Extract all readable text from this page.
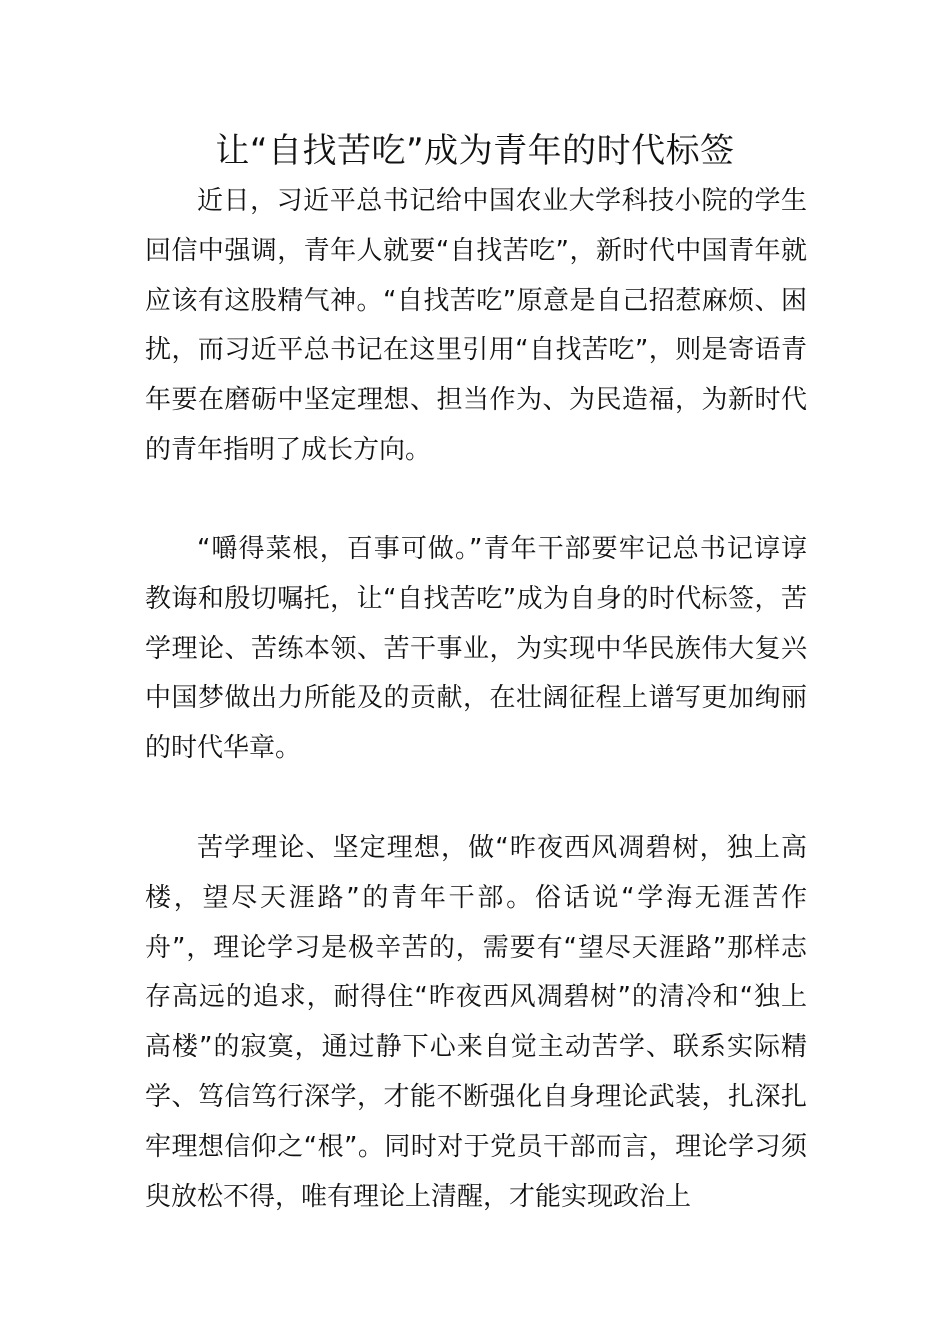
让“自找苦吃”成为青年的时代标签

近日，习近平总书记给中国农业大学科技小院的学生回信中强调，青年人就要“自找苦吃”，新时代中国青年就应该有这股精气神。“自找苦吃”原意是自己招惹麻烦、困扰，而习近平总书记在这里引用“自找苦吃”，则是寄语青年要在磨砺中坚定理想、担当作为、为民造福，为新时代的青年指明了成长方向。

“嚼得菜根，百事可做。”青年干部要牢记总书记谆谆教诲和殷切嘱托，让“自找苦吃”成为自身的时代标签，苦学理论、苦练本领、苦干事业，为实现中华民族伟大复兴中国梦做出力所能及的贡献，在壮阔征程上谱写更加绚丽的时代华章。

苦学理论、坚定理想，做“昨夜西风凋碧树，独上高楼，望尽天涯路”的青年干部。俗话说“学海无涯苦作舟”，理论学习是极辛苦的，需要有“望尽天涯路”那样志存高远的追求，耐得住“昨夜西风凋碧树”的清冷和“独上高楼”的寂寞，通过静下心来自觉主动苦学、联系实际精学、笃信笃行深学，才能不断强化自身理论武装，扎深扎牢理想信仰之“根”。同时对于党员干部而言，理论学习须臾放松不得，唯有理论上清醒，才能实现政治上
